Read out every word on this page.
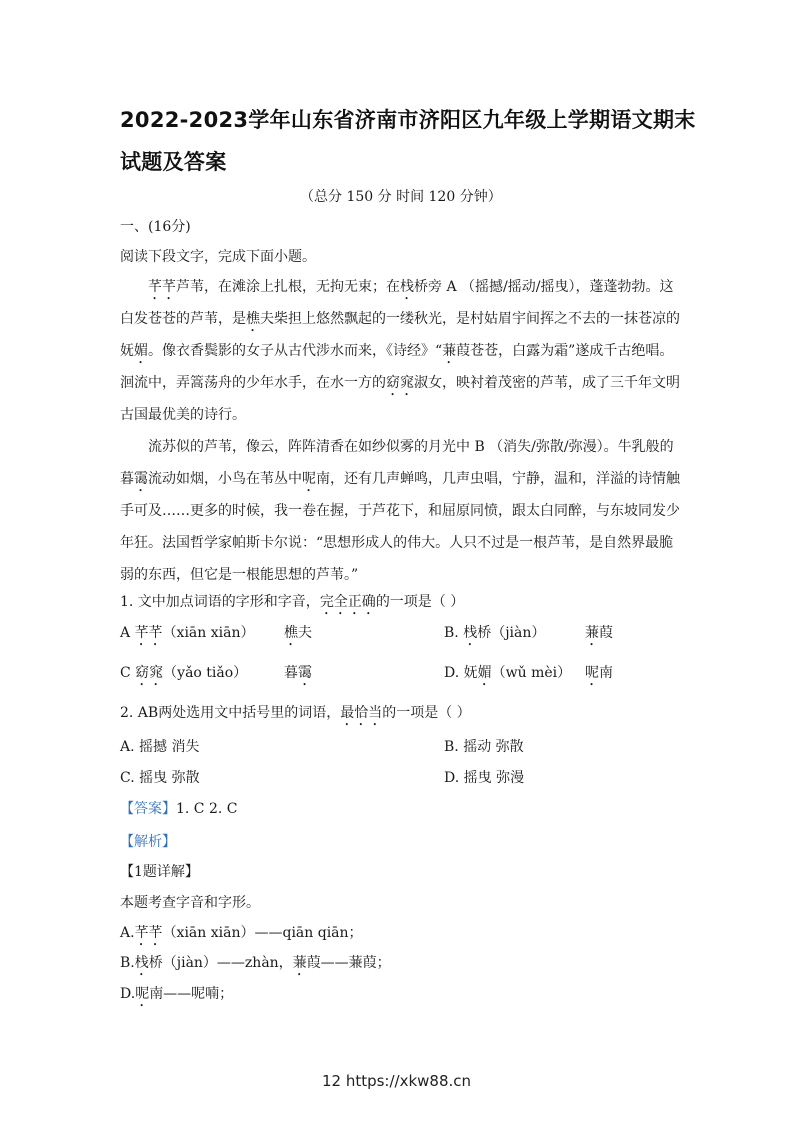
2022-2023学年山东省济南市济阳区九年级上学期语文期末
试题及答案
（总分 150 分 时间 120 分钟）
一、(16分)
阅读下段文字，完成下面小题。
芊芊芦苇，在滩涂上扎根，无拘无束；在栈桥旁 A （摇撼/摇动/摇曳），蓬蓬勃勃。这
白发苍苍的芦苇，是樵夫柴担上悠然飘起的一缕秋光，是村姑眉宇间挥之不去的一抹苍凉的
妩媚。像衣香鬓影的女子从古代涉水而来，《诗经》“蒹葭苍苍，白露为霜”遂成千古绝唱。
洄流中，弄篙荡舟的少年水手，在水一方的窈窕淑女，映衬着茂密的芦苇，成了三千年文明
古国最优美的诗行。
流苏似的芦苇，像云，阵阵清香在如纱似雾的月光中 B （消失/弥散/弥漫）。牛乳般的
暮霭流动如烟，小鸟在苇丛中呢南，还有几声蝉鸣，几声虫唱，宁静，温和，洋溢的诗情触
手可及……更多的时候，我一卷在握，于芦花下，和屈原同愤，跟太白同醉，与东坡同发少
年狂。法国哲学家帕斯卡尔说：“思想形成人的伟大。人只不过是一根芦苇，是自然界最脆
弱的东西，但它是一根能思想的芦苇。”
1. 文中加点词语的字形和字音，完全正确的一项是（ ）
A 芊芊（xiān xiān） 樵夫	B. 栈桥（jiàn）	蒹葭
C 窈窕（yǎo tiǎo）	暮霭	D. 妩媚（wǔ mèi） 呢南
2. AB两处选用文中括号里的词语，最恰当的一项是（ ）
A. 摇撼 消失	B. 摇动 弥散
C. 摇曳 弥散	D. 摇曳 弥漫
【答案】1. C 2. C
【解析】
【1题详解】
本题考查字音和字形。
A.芊芊（xiān xiān）——qiān qiān；
B.栈桥（jiàn）——zhàn，蒹葭——蒹葭；
D.呢南——呢喃；
12 https://xkw88.cn
